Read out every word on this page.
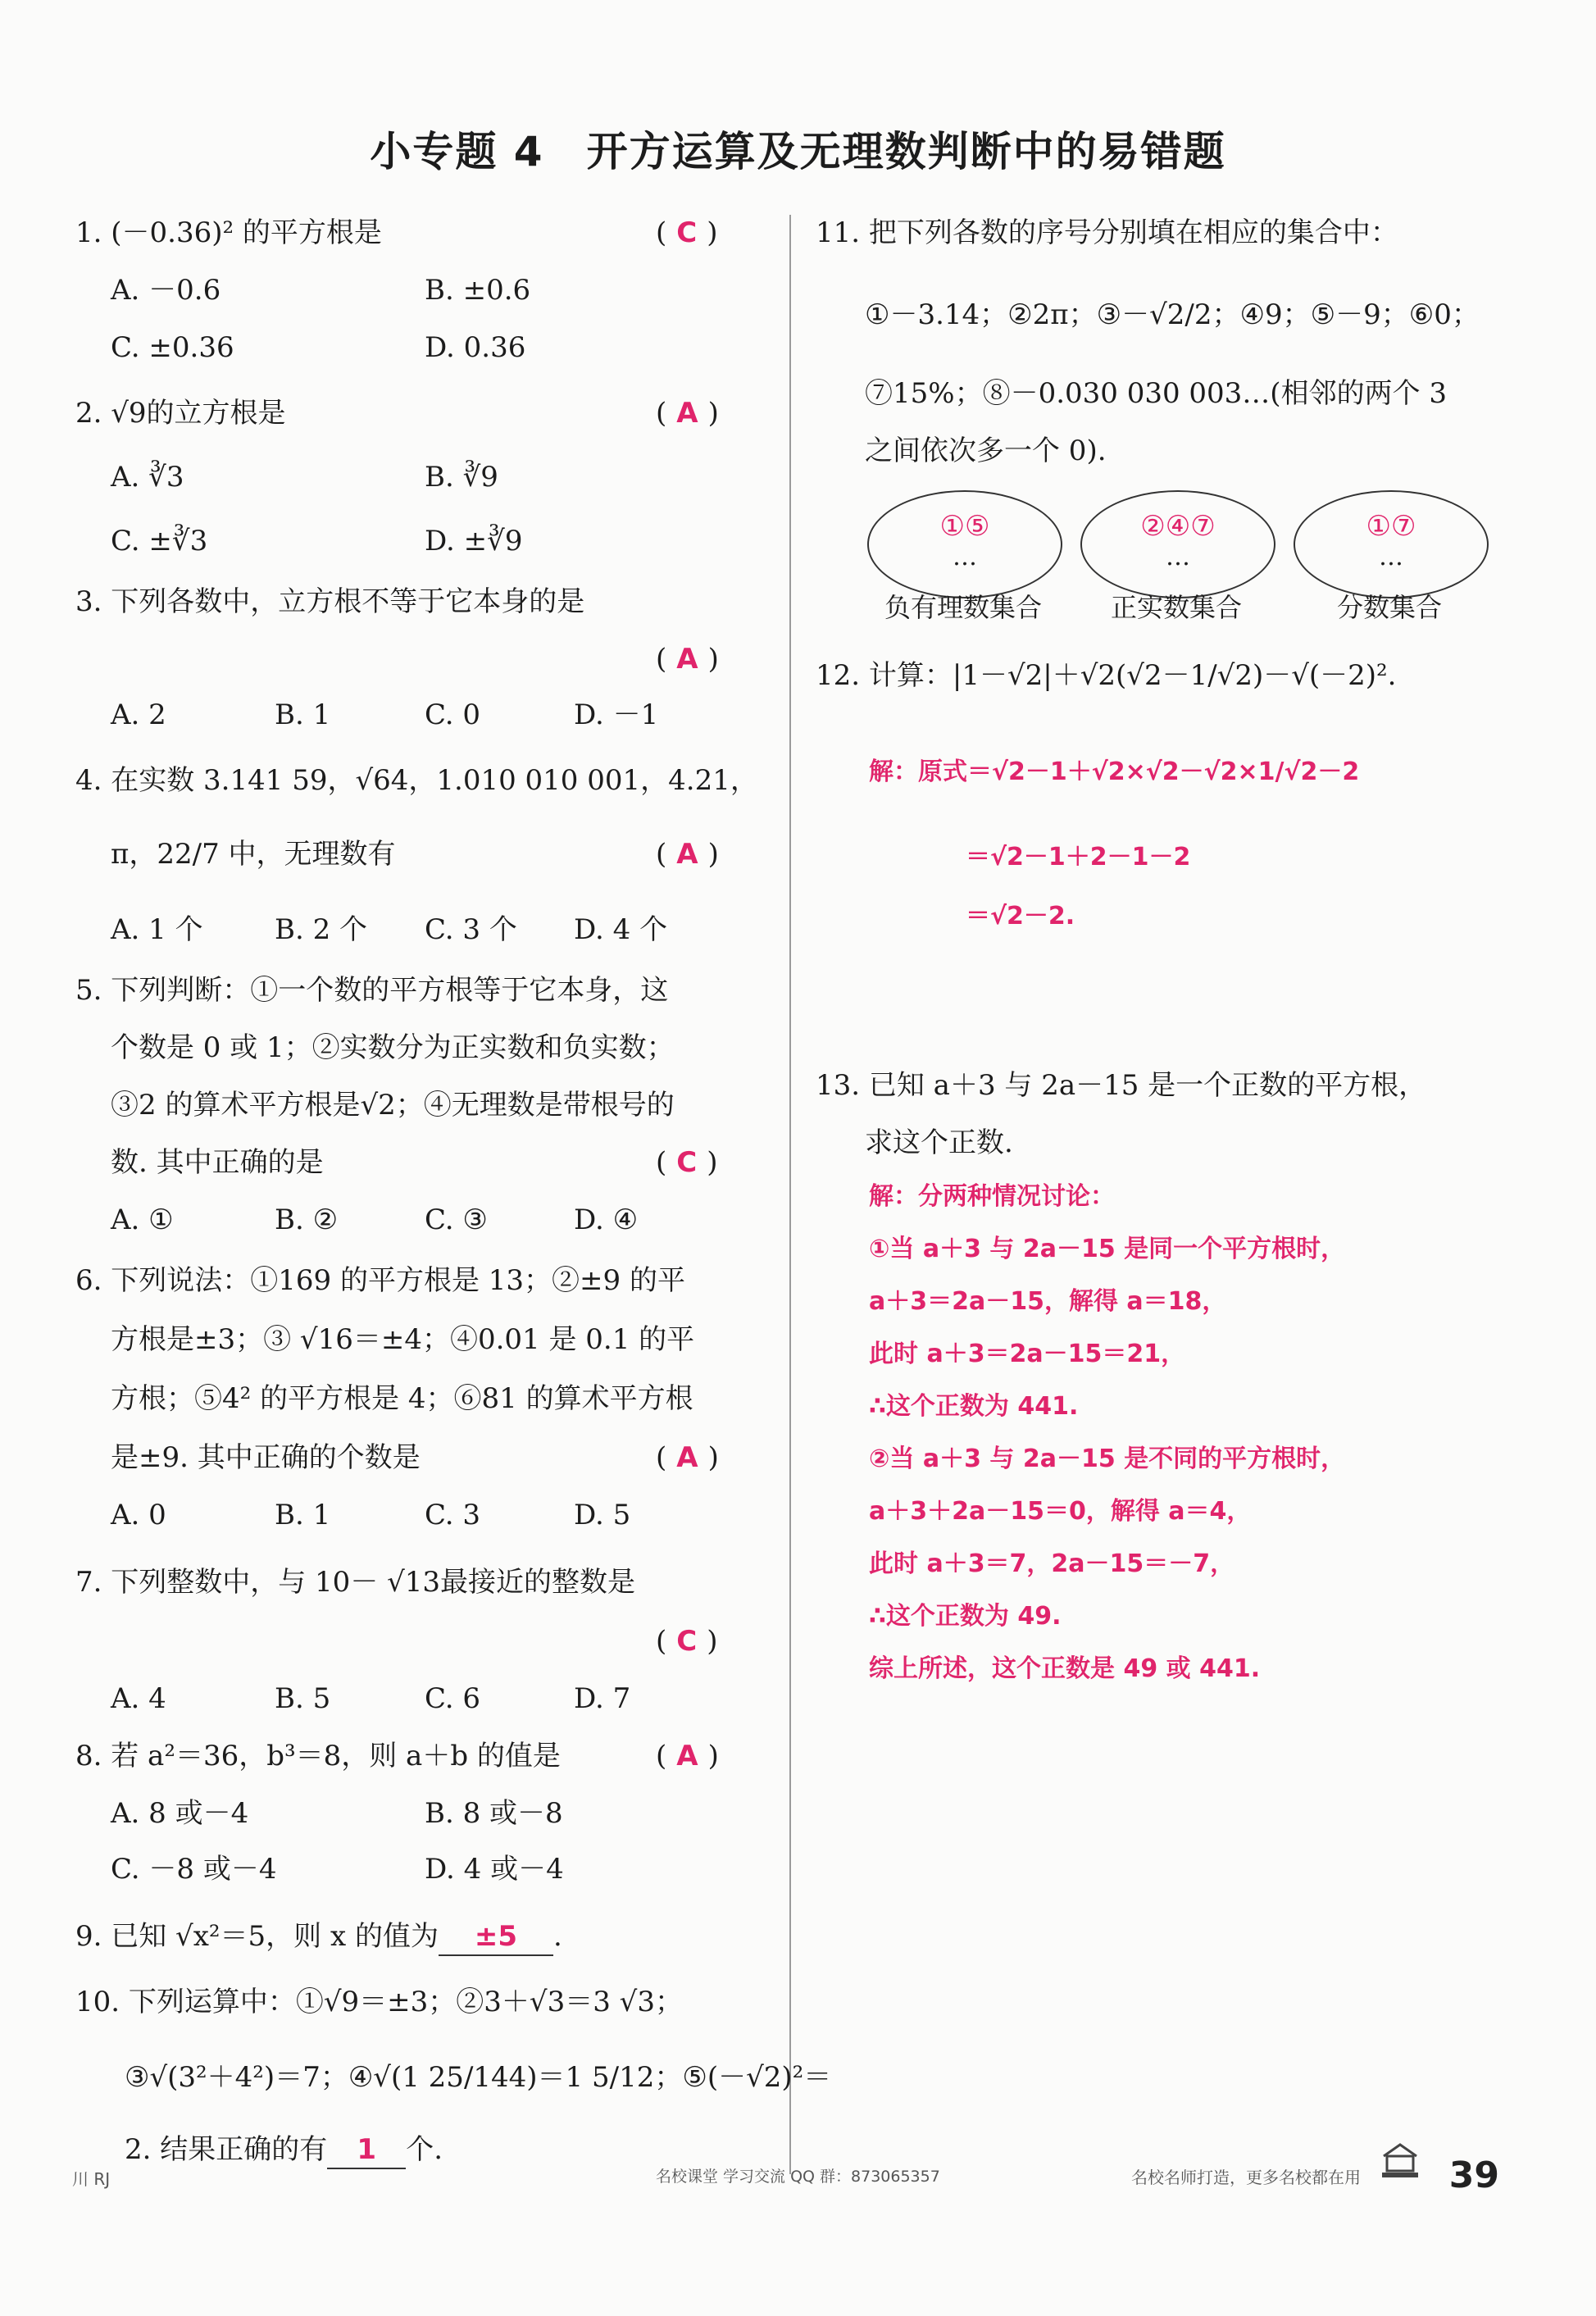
小专题 4　开方运算及无理数判断中的易错题
1. (－0.36)² 的平方根是	( C )
A. －0.6	B. ±0.6
C. ±0.36	D. 0.36
2. √9的立方根是	( A )
A. ∛3	B. ∛9
C. ±∛3	D. ±∛9
3. 下列各数中，立方根不等于它本身的是
( A )
A. 2	B. 1	C. 0	D. －1
4. 在实数 3.141 59，√64，1.010 010 001，4.21，
π，22/7 中，无理数有	( A )
A. 1 个	B. 2 个 C. 3 个 D. 4 个
5. 下列判断：①一个数的平方根等于它本身，这
个数是 0 或 1；②实数分为正实数和负实数；
③2 的算术平方根是√2；④无理数是带根号的
数. 其中正确的是	( C )
A. ①	B. ②	C. ③	D. ④
6. 下列说法：①169 的平方根是 13；②±9 的平
方根是±3；③ √16＝±4；④0.01 是 0.1 的平
方根；⑤4² 的平方根是 4；⑥81 的算术平方根
是±9. 其中正确的个数是	( A )
A. 0	B. 1	C. 3	D. 5
7. 下列整数中，与 10－ √13最接近的整数是
( C )
A. 4	B. 5	C. 6	D. 7
8. 若 a²＝36，b³＝8，则 a＋b 的值是	( A )
A. 8 或－4	B. 8 或－8
C. －8 或－4	D. 4 或－4
9. 已知 √x²＝5，则 x 的值为 ±5 .
10. 下列运算中：①√9＝±3；②3＋√3＝3 √3；
③√(3²＋4²)＝7；④√(1 25/144)＝1 5/12；⑤(－√2)²＝
2. 结果正确的有 1 个.
11. 把下列各数的序号分别填在相应的集合中：
①－3.14；②2π；③－√2/2；④9；⑤－9；⑥0；
⑦15%；⑧－0.030 030 003…(相邻的两个 3
之间依次多一个 0).
①⑤
…
②④⑦
…
①⑦
…
负有理数集合	正实数集合	分数集合
12. 计算：|1－√2|＋√2(√2－1/√2)－√(－2)².
解：原式＝√2－1＋√2×√2－√2×1/√2－2
＝√2－1＋2－1－2
＝√2－2.
13. 已知 a＋3 与 2a－15 是一个正数的平方根，
求这个正数.
解：分两种情况讨论：
①当 a＋3 与 2a－15 是同一个平方根时，
a＋3＝2a－15，解得 a＝18，
此时 a＋3＝2a－15＝21，
∴这个正数为 441.
②当 a＋3 与 2a－15 是不同的平方根时，
a＋3＋2a－15＝0，解得 a＝4，
此时 a＋3＝7，2a－15＝－7，
∴这个正数为 49.
综上所述，这个正数是 49 或 441.
川 RJ	名校课堂 学习交流 QQ 群：873065357	名校名师打造，更多名校都在用 39
